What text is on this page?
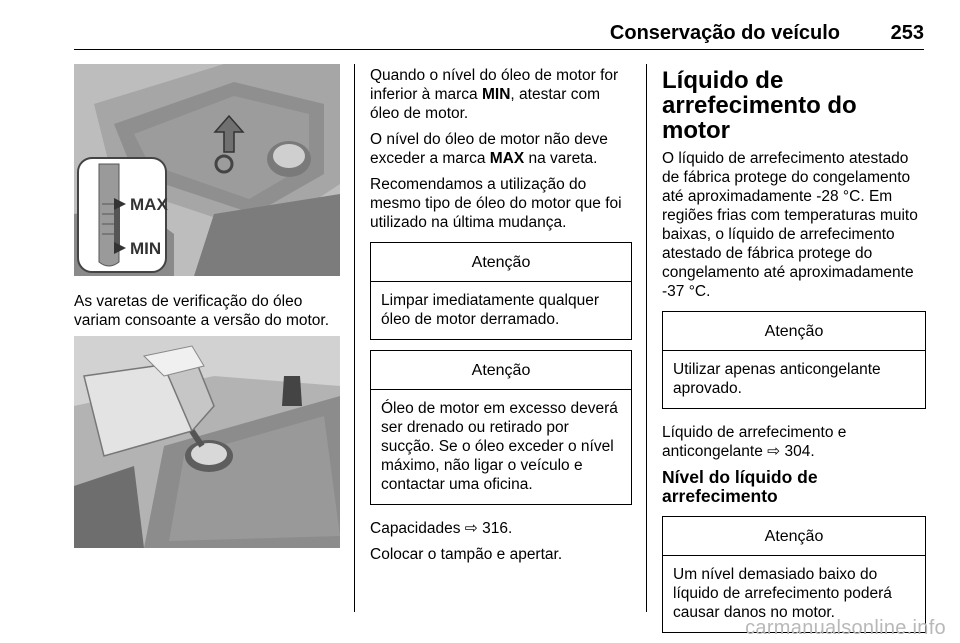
Conservação do veículo	253
MAX
MIN

As varetas de verificação do óleo variam consoante a versão do motor.

Quando o nível do óleo de motor for inferior à marca MIN, atestar com óleo de motor.

O nível do óleo de motor não deve exceder a marca MAX na vareta.

Recomendamos a utilização do mesmo tipo de óleo do motor que foi utilizado na última mudança.

Atenção
Limpar imediatamente qualquer óleo de motor derramado.
Atenção
Óleo de motor em excesso deverá ser drenado ou retirado por sucção. Se o óleo exceder o nível máximo, não ligar o veículo e contactar uma oficina.

Capacidades ⇨ 316.

Colocar o tampão e apertar.

Líquido de arrefecimento do motor

O líquido de arrefecimento atestado de fábrica protege do congelamento até aproximadamente -28 °C. Em regiões frias com temperaturas muito baixas, o líquido de arrefecimento atestado de fábrica protege do congelamento até aproximadamente -37 °C.

Atenção
Utilizar apenas anticongelante aprovado.

Líquido de arrefecimento e anticongelante ⇨ 304.

Nível do líquido de arrefecimento
Atenção
Um nível demasiado baixo do líquido de arrefecimento poderá causar danos no motor.
carmanualsonline.info
